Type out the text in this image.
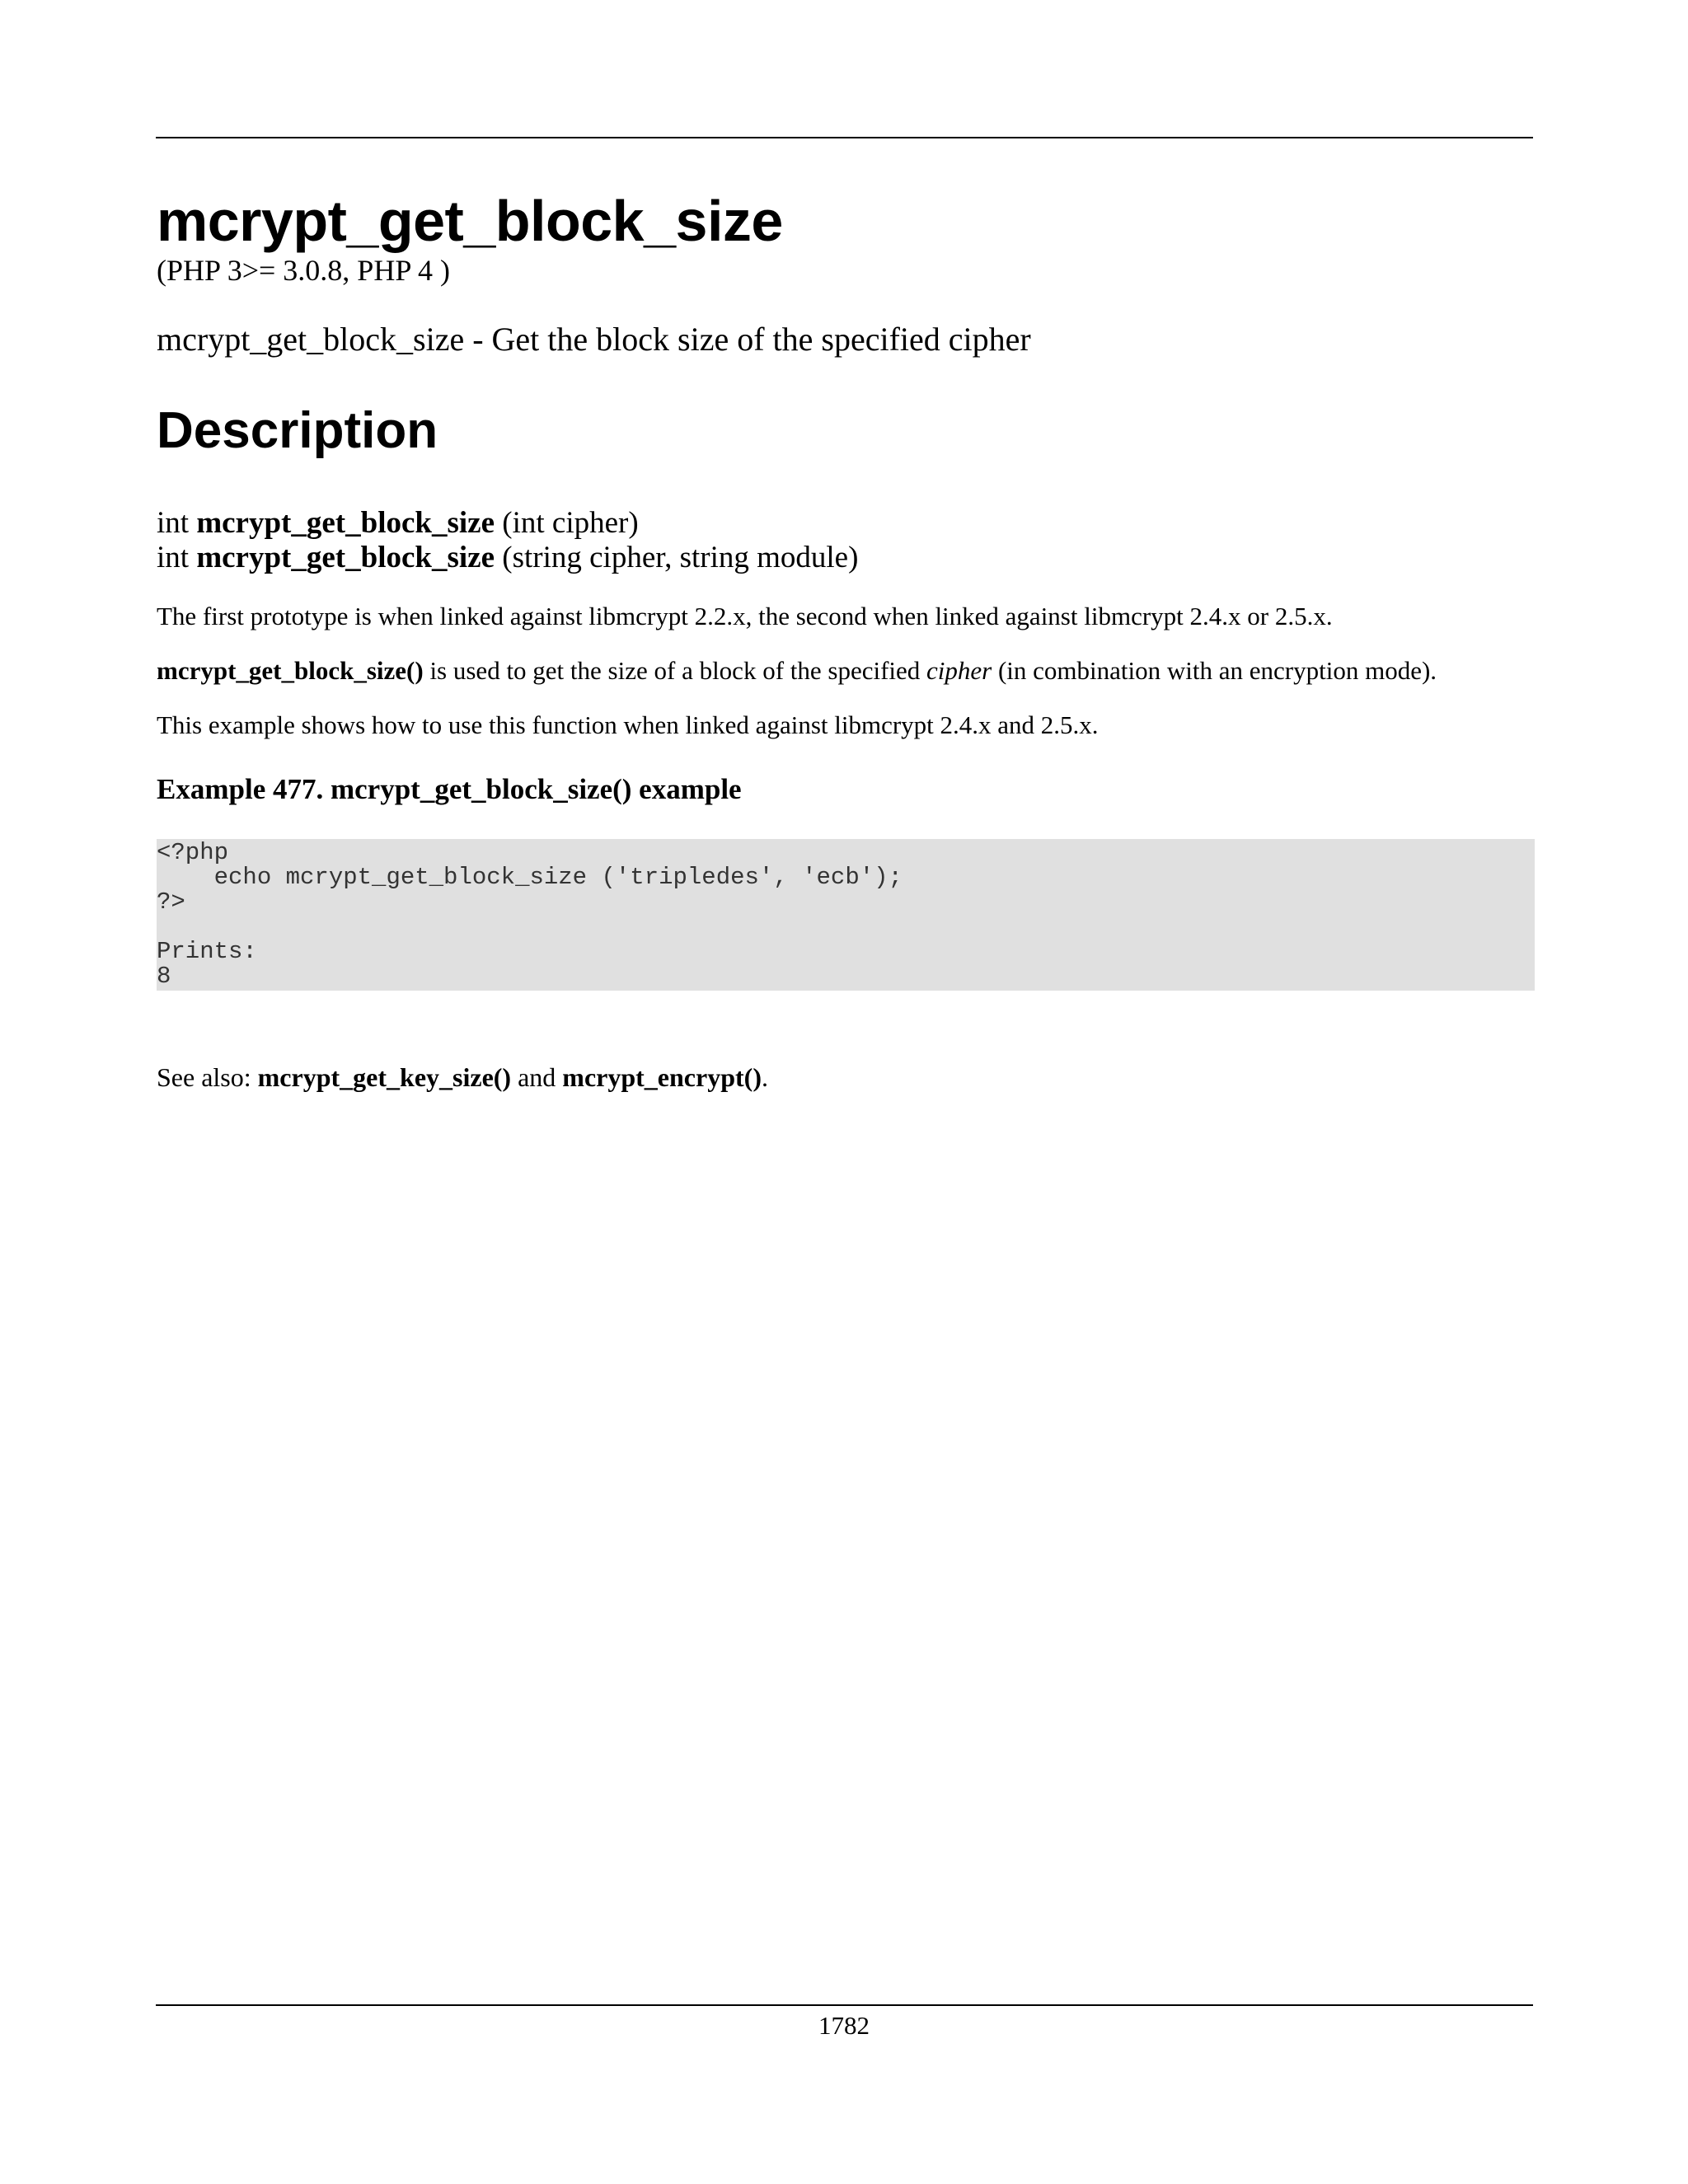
mcrypt_get_block_size
(PHP 3>= 3.0.8, PHP 4 )
mcrypt_get_block_size - Get the block size of the specified cipher
Description
int mcrypt_get_block_size (int cipher)
int mcrypt_get_block_size (string cipher, string module)

The first prototype is when linked against libmcrypt 2.2.x, the second when linked against libmcrypt 2.4.x or 2.5.x.

mcrypt_get_block_size() is used to get the size of a block of the specified cipher (in combination with an encryption mode).

This example shows how to use this function when linked against libmcrypt 2.4.x and 2.5.x.

Example 477. mcrypt_get_block_size() example
<?php
echo mcrypt_get_block_size ('tripledes', 'ecb');
?>

Prints:
8
See also: mcrypt_get_key_size() and mcrypt_encrypt().
1782
